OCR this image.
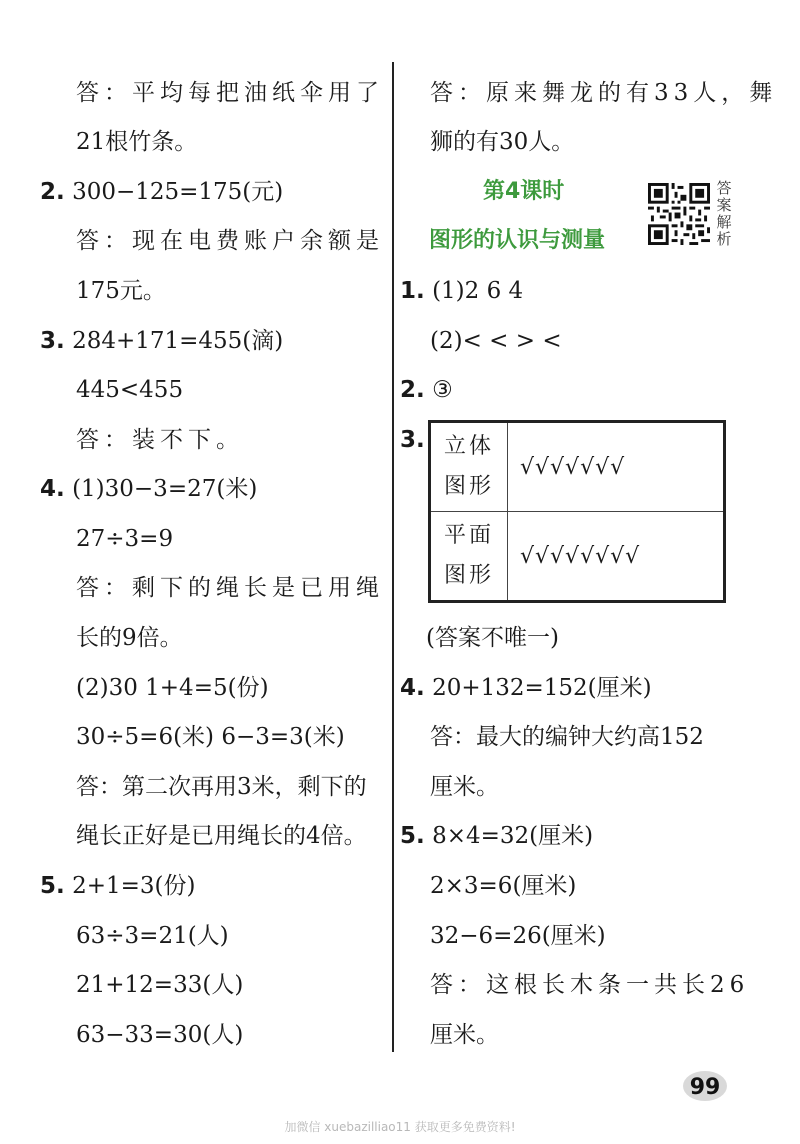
答：平均每把油纸伞用了
21根竹条。
2. 300−125=175(元)
答：现在电费账户余额是
175元。
3. 284+171=455(滴)
445<455
答：装不下。
4. (1)30−3=27(米)
27÷3=9
答：剩下的绳长是已用绳
长的9倍。
(2)30 1+4=5(份)
30÷5=6(米) 6−3=3(米)
答：第二次再用3米，剩下的
绳长正好是已用绳长的4倍。
5. 2+1=3(份)
63÷3=21(人)
21+12=33(人)
63−33=30(人)
答：原来舞龙的有33人，舞
狮的有30人。
第4课时
图形的认识与测量
答
案
解
析
1. (1)2 6 4
(2)< < > <
2. ③
3. 立体
图形	√√√√√√√

平面
图形	√√√√√√√√
(答案不唯一)
4. 20+132=152(厘米)
答：最大的编钟大约高152
厘米。
5. 8×4=32(厘米)
2×3=6(厘米)
32−6=26(厘米)
答：这根长木条一共长26
厘米。
99
加微信 xuebazilliao11 获取更多免费资料!
